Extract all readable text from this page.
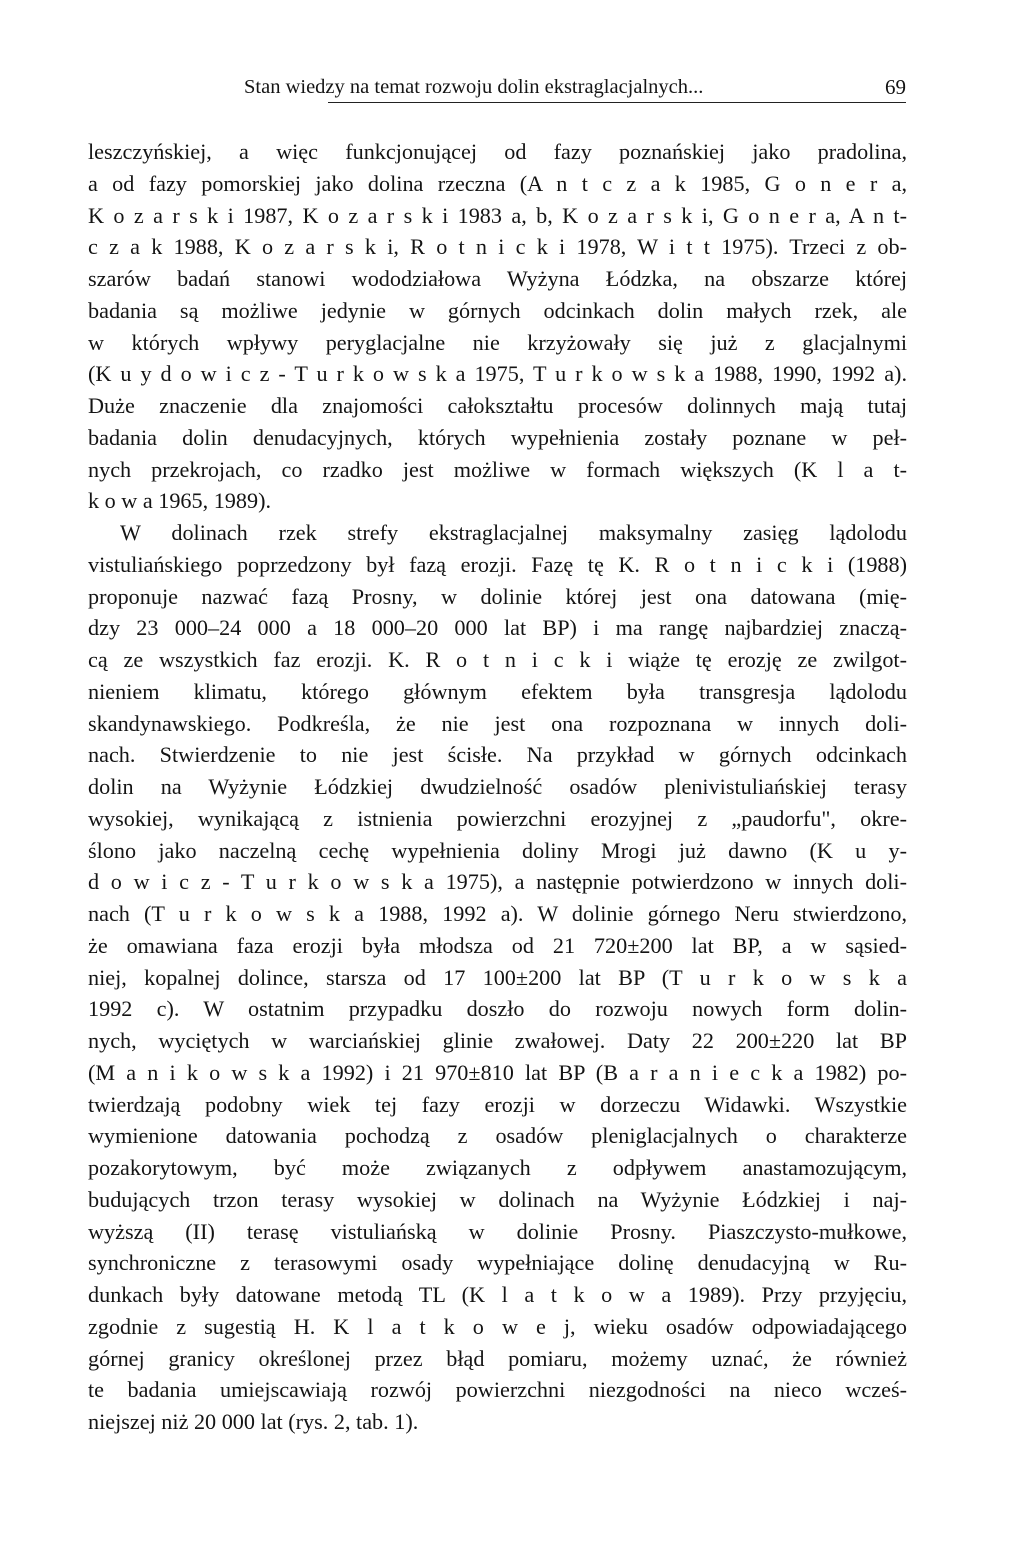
Stan wiedzy na temat rozwoju dolin ekstraglacjalnych...	69
leszczyńskiej, a więc funkcjonującej od fazy poznańskiej jako pradolina,
a od fazy pomorskiej jako dolina rzeczna (A n t c z a k 1985, G o n e r a,
K o z a r s k i 1987, K o z a r s k i 1983 a, b, K o z a r s k i, G o n e r a, A n t-
c z a k 1988, K o z a r s k i, R o t n i c k i 1978, W i t t 1975). Trzeci z ob-
szarów badań stanowi wododziałowa Wyżyna Łódzka, na obszarze której
badania są możliwe jedynie w górnych odcinkach dolin małych rzek, ale
w których wpływy peryglacjalne nie krzyżowały się już z glacjalnymi
(K u y d o w i c z - T u r k o w s k a 1975, T u r k o w s k a 1988, 1990, 1992 a).
Duże znaczenie dla znajomości całokształtu procesów dolinnych mają tutaj
badania dolin denudacyjnych, których wypełnienia zostały poznane w peł-
nych przekrojach, co rzadko jest możliwe w formach większych (K l a t-
k o w a 1965, 1989).
W dolinach rzek strefy ekstraglacjalnej maksymalny zasięg lądolodu
vistuliańskiego poprzedzony był fazą erozji. Fazę tę K. R o t n i c k i (1988)
proponuje nazwać fazą Prosny, w dolinie której jest ona datowana (mię-
dzy 23 000–24 000 a 18 000–20 000 lat BP) i ma rangę najbardziej znaczą-
cą ze wszystkich faz erozji. K. R o t n i c k i wiąże tę erozję ze zwilgot-
nieniem klimatu, którego głównym efektem była transgresja lądolodu
skandynawskiego. Podkreśla, że nie jest ona rozpoznana w innych doli-
nach. Stwierdzenie to nie jest ścisłe. Na przykład w górnych odcinkach
dolin na Wyżynie Łódzkiej dwudzielność osadów plenivistuliańskiej terasy
wysokiej, wynikającą z istnienia powierzchni erozyjnej z „paudorfu", okre-
ślono jako naczelną cechę wypełnienia doliny Mrogi już dawno (K u y-
d o w i c z - T u r k o w s k a 1975), a następnie potwierdzono w innych doli-
nach (T u r k o w s k a 1988, 1992 a). W dolinie górnego Neru stwierdzono,
że omawiana faza erozji była młodsza od 21 720±200 lat BP, a w sąsied-
niej, kopalnej dolince, starsza od 17 100±200 lat BP (T u r k o w s k a
1992 c). W ostatnim przypadku doszło do rozwoju nowych form dolin-
nych, wyciętych w warciańskiej glinie zwałowej. Daty 22 200±220 lat BP
(M a n i k o w s k a 1992) i 21 970±810 lat BP (B a r a n i e c k a 1982) po-
twierdzają podobny wiek tej fazy erozji w dorzeczu Widawki. Wszystkie
wymienione datowania pochodzą z osadów pleniglacjalnych o charakterze
pozakorytowym, być może związanych z odpływem anastamozującym,
budujących trzon terasy wysokiej w dolinach na Wyżynie Łódzkiej i naj-
wyższą (II) terasę vistuliańską w dolinie Prosny. Piaszczysto-mułkowe,
synchroniczne z terasowymi osady wypełniające dolinę denudacyjną w Ru-
dunkach były datowane metodą TL (K l a t k o w a 1989). Przy przyjęciu,
zgodnie z sugestią H. K l a t k o w e j, wieku osadów odpowiadającego
górnej granicy określonej przez błąd pomiaru, możemy uznać, że również
te badania umiejscawiają rozwój powierzchni niezgodności na nieco wcześ-
niejszej niż 20 000 lat (rys. 2, tab. 1).
